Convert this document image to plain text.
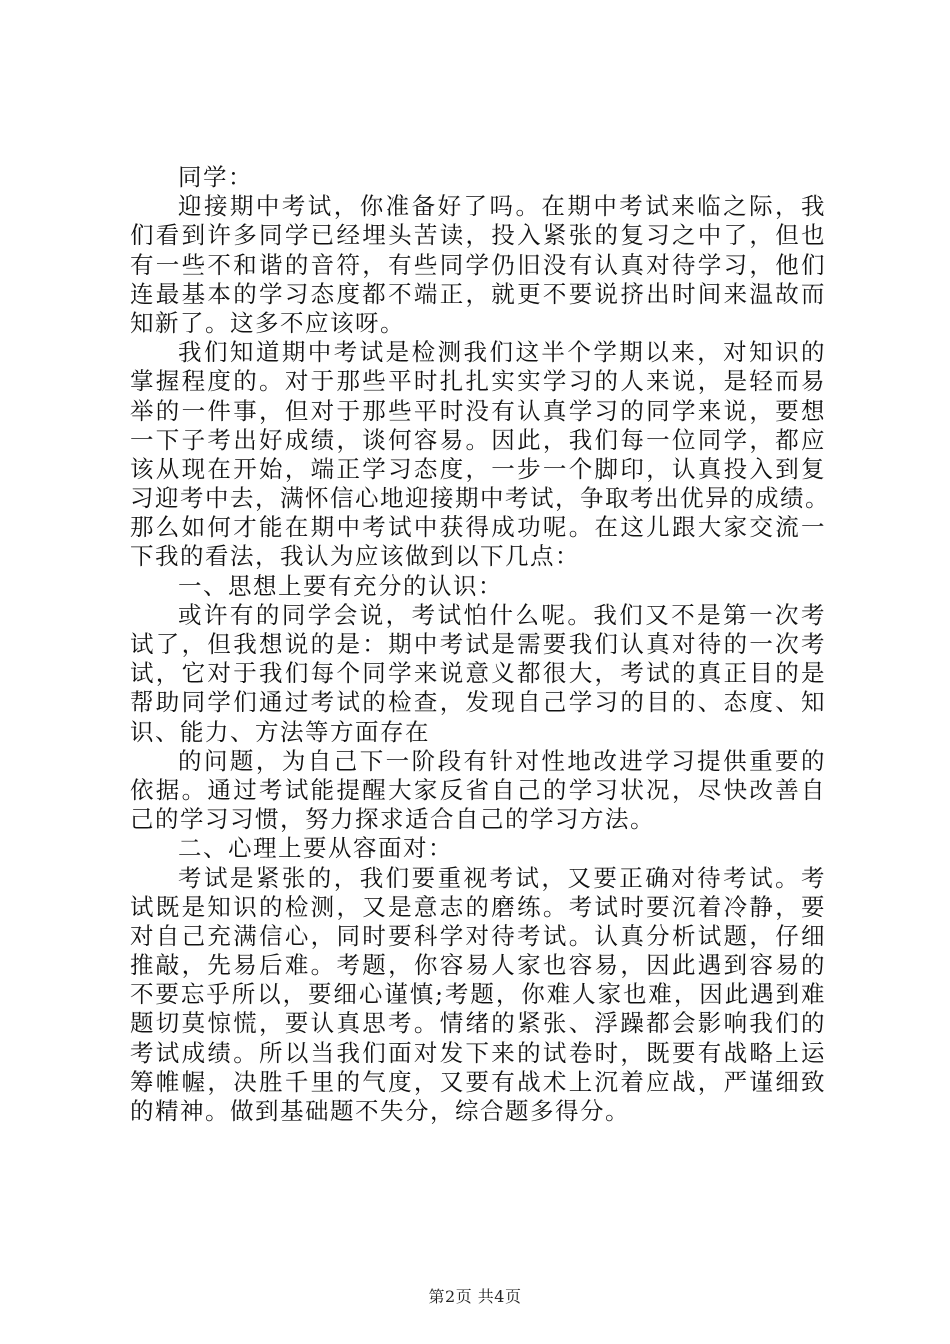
同学：
迎接期中考试，你准备好了吗。在期中考试来临之际，我
们看到许多同学已经埋头苦读，投入紧张的复习之中了，但也
有一些不和谐的音符，有些同学仍旧没有认真对待学习，他们
连最基本的学习态度都不端正，就更不要说挤出时间来温故而
知新了。这多不应该呀。
我们知道期中考试是检测我们这半个学期以来，对知识的
掌握程度的。对于那些平时扎扎实实学习的人来说，是轻而易
举的一件事，但对于那些平时没有认真学习的同学来说，要想
一下子考出好成绩，谈何容易。因此，我们每一位同学，都应
该从现在开始，端正学习态度，一步一个脚印，认真投入到复
习迎考中去，满怀信心地迎接期中考试，争取考出优异的成绩。
那么如何才能在期中考试中获得成功呢。在这儿跟大家交流一
下我的看法，我认为应该做到以下几点：
一、思想上要有充分的认识：
或许有的同学会说，考试怕什么呢。我们又不是第一次考
试了，但我想说的是：期中考试是需要我们认真对待的一次考
试，它对于我们每个同学来说意义都很大，考试的真正目的是
帮助同学们通过考试的检查，发现自己学习的目的、态度、知
识、能力、方法等方面存在
的问题，为自己下一阶段有针对性地改进学习提供重要的
依据。通过考试能提醒大家反省自己的学习状况，尽快改善自
己的学习习惯，努力探求适合自己的学习方法。
二、心理上要从容面对：
考试是紧张的，我们要重视考试，又要正确对待考试。考
试既是知识的检测，又是意志的磨练。考试时要沉着冷静，要
对自己充满信心，同时要科学对待考试。认真分析试题，仔细
推敲，先易后难。考题，你容易人家也容易，因此遇到容易的
不要忘乎所以，要细心谨慎;考题，你难人家也难，因此遇到难
题切莫惊慌，要认真思考。情绪的紧张、浮躁都会影响我们的
考试成绩。所以当我们面对发下来的试卷时，既要有战略上运
筹帷幄，决胜千里的气度，又要有战术上沉着应战，严谨细致
的精神。做到基础题不失分，综合题多得分。
第2页 共4页
